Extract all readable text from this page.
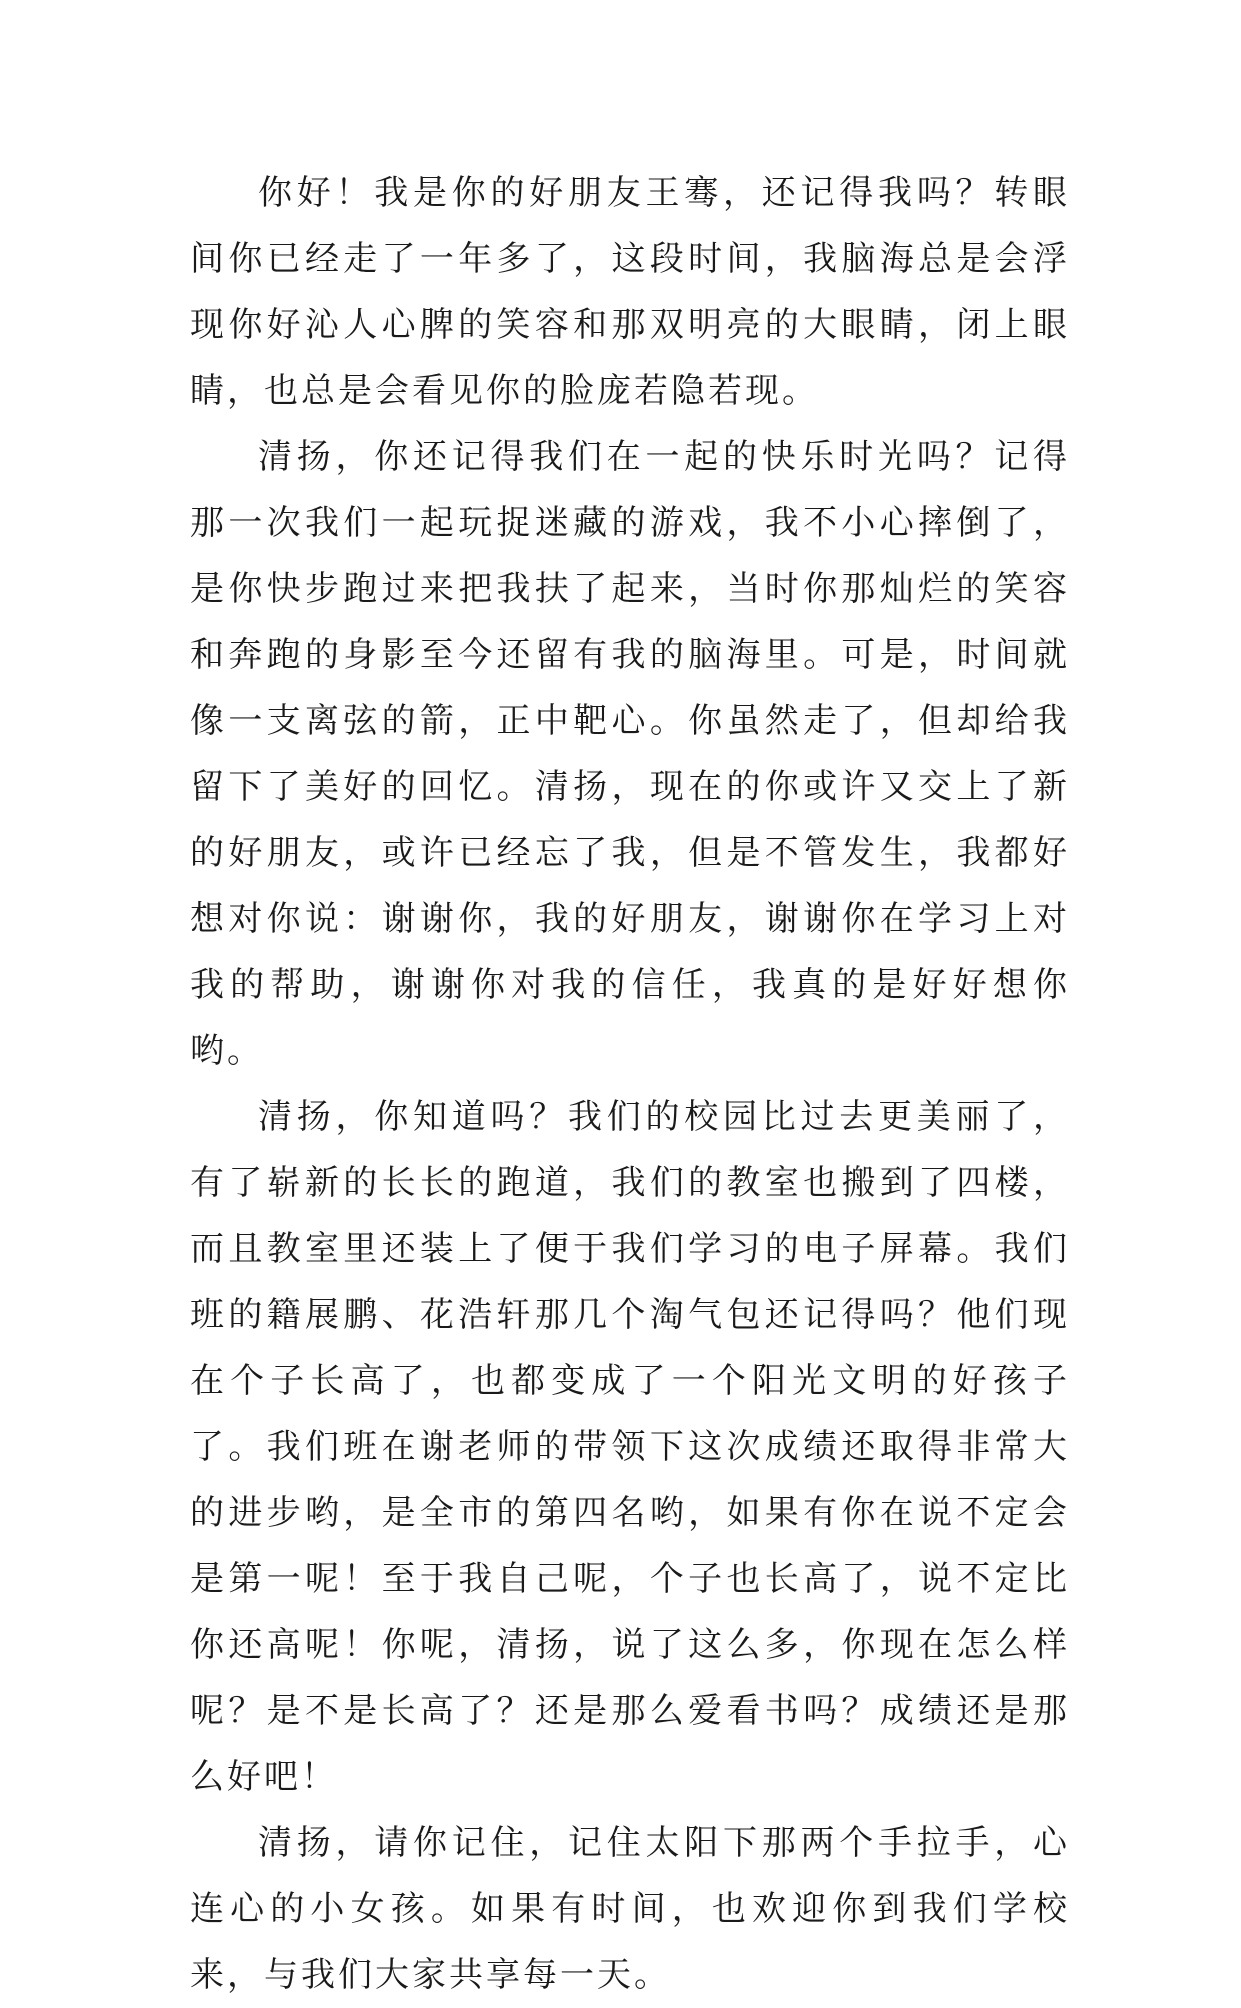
你好！我是你的好朋友王骞，还记得我吗？转眼间你已经走了一年多了，这段时间，我脑海总是会浮现你好沁人心脾的笑容和那双明亮的大眼睛，闭上眼睛，也总是会看见你的脸庞若隐若现。

清扬，你还记得我们在一起的快乐时光吗？记得那一次我们一起玩捉迷藏的游戏，我不小心摔倒了，是你快步跑过来把我扶了起来，当时你那灿烂的笑容和奔跑的身影至今还留有我的脑海里。可是，时间就像一支离弦的箭，正中靶心。你虽然走了，但却给我留下了美好的回忆。清扬，现在的你或许又交上了新的好朋友，或许已经忘了我，但是不管发生，我都好想对你说：谢谢你，我的好朋友，谢谢你在学习上对我的帮助，谢谢你对我的信任，我真的是好好想你哟。

清扬，你知道吗？我们的校园比过去更美丽了，有了崭新的长长的跑道，我们的教室也搬到了四楼，而且教室里还装上了便于我们学习的电子屏幕。我们班的籍展鹏、花浩轩那几个淘气包还记得吗？他们现在个子长高了，也都变成了一个阳光文明的好孩子了。我们班在谢老师的带领下这次成绩还取得非常大的进步哟，是全市的第四名哟，如果有你在说不定会是第一呢！至于我自己呢，个子也长高了，说不定比你还高呢！你呢，清扬，说了这么多，你现在怎么样呢？是不是长高了？还是那么爱看书吗？成绩还是那么好吧！

清扬，请你记住，记住太阳下那两个手拉手，心连心的小女孩。如果有时间，也欢迎你到我们学校来，与我们大家共享每一天。
